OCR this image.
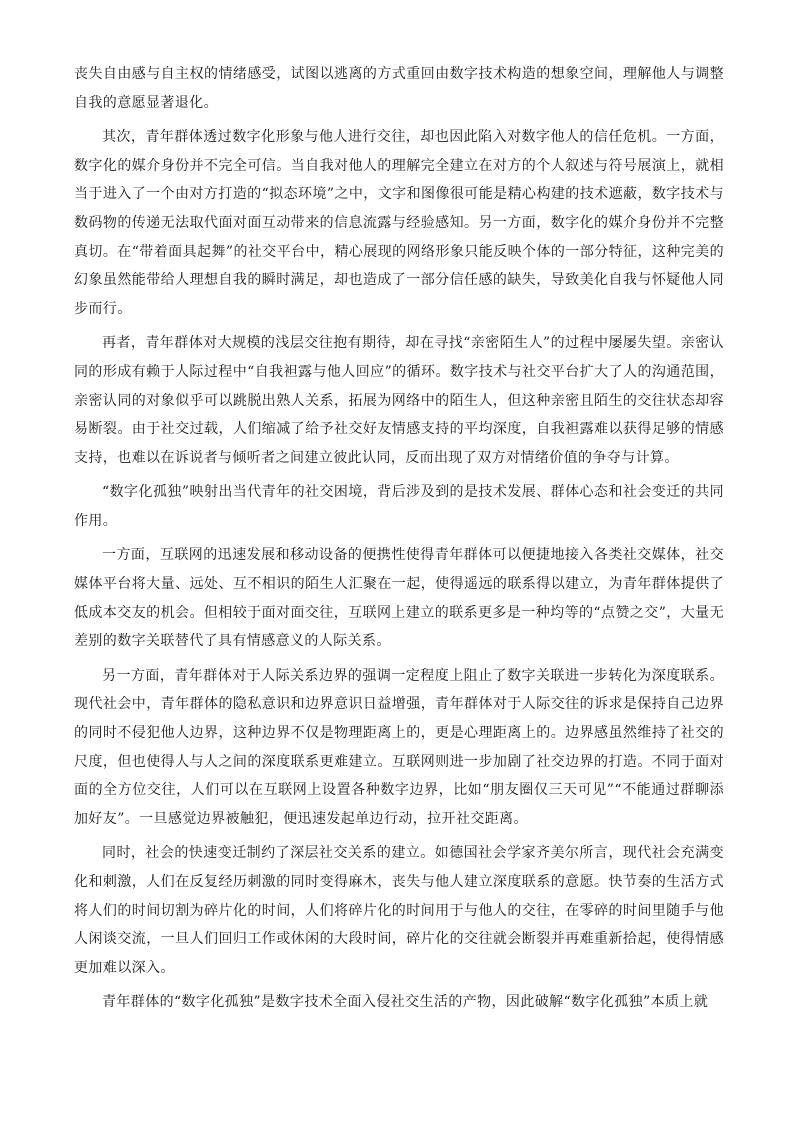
丧失自由感与自主权的情绪感受，试图以逃离的方式重回由数字技术构造的想象空间，理解他人与调整自我的意愿显著退化。

其次，青年群体透过数字化形象与他人进行交往，却也因此陷入对数字他人的信任危机。一方面，数字化的媒介身份并不完全可信。当自我对他人的理解完全建立在对方的个人叙述与符号展演上，就相当于进入了一个由对方打造的“拟态环境”之中，文字和图像很可能是精心构建的技术遮蔽，数字技术与数码物的传递无法取代面对面互动带来的信息流露与经验感知。另一方面，数字化的媒介身份并不完整真切。在“带着面具起舞”的社交平台中，精心展现的网络形象只能反映个体的一部分特征，这种完美的幻象虽然能带给人理想自我的瞬时满足，却也造成了一部分信任感的缺失，导致美化自我与怀疑他人同步而行。

再者，青年群体对大规模的浅层交往抱有期待，却在寻找“亲密陌生人”的过程中屡屡失望。亲密认同的形成有赖于人际过程中“自我袒露与他人回应”的循环。数字技术与社交平台扩大了人的沟通范围，亲密认同的对象似乎可以跳脱出熟人关系，拓展为网络中的陌生人，但这种亲密且陌生的交往状态却容易断裂。由于社交过载，人们缩减了给予社交好友情感支持的平均深度，自我袒露难以获得足够的情感支持，也难以在诉说者与倾听者之间建立彼此认同，反而出现了双方对情绪价值的争夺与计算。

“数字化孤独”映射出当代青年的社交困境，背后涉及到的是技术发展、群体心态和社会变迁的共同作用。

一方面，互联网的迅速发展和移动设备的便携性使得青年群体可以便捷地接入各类社交媒体，社交媒体平台将大量、远处、互不相识的陌生人汇聚在一起，使得遥远的联系得以建立，为青年群体提供了低成本交友的机会。但相较于面对面交往，互联网上建立的联系更多是一种均等的“点赞之交”，大量无差别的数字关联替代了具有情感意义的人际关系。

另一方面，青年群体对于人际关系边界的强调一定程度上阻止了数字关联进一步转化为深度联系。现代社会中，青年群体的隐私意识和边界意识日益增强，青年群体对于人际交往的诉求是保持自己边界的同时不侵犯他人边界，这种边界不仅是物理距离上的，更是心理距离上的。边界感虽然维持了社交的尺度，但也使得人与人之间的深度联系更难建立。互联网则进一步加剧了社交边界的打造。不同于面对面的全方位交往，人们可以在互联网上设置各种数字边界，比如“朋友圈仅三天可见”“不能通过群聊添加好友”。一旦感觉边界被触犯，便迅速发起单边行动，拉开社交距离。

同时，社会的快速变迁制约了深层社交关系的建立。如德国社会学家齐美尔所言，现代社会充满变化和刺激，人们在反复经历刺激的同时变得麻木，丧失与他人建立深度联系的意愿。快节奏的生活方式将人们的时间切割为碎片化的时间，人们将碎片化的时间用于与他人的交往，在零碎的时间里随手与他人闲谈交流，一旦人们回归工作或休闲的大段时间，碎片化的交往就会断裂并再难重新拾起，使得情感更加难以深入。

青年群体的“数字化孤独”是数字技术全面入侵社交生活的产物，因此破解“数字化孤独”本质上就
